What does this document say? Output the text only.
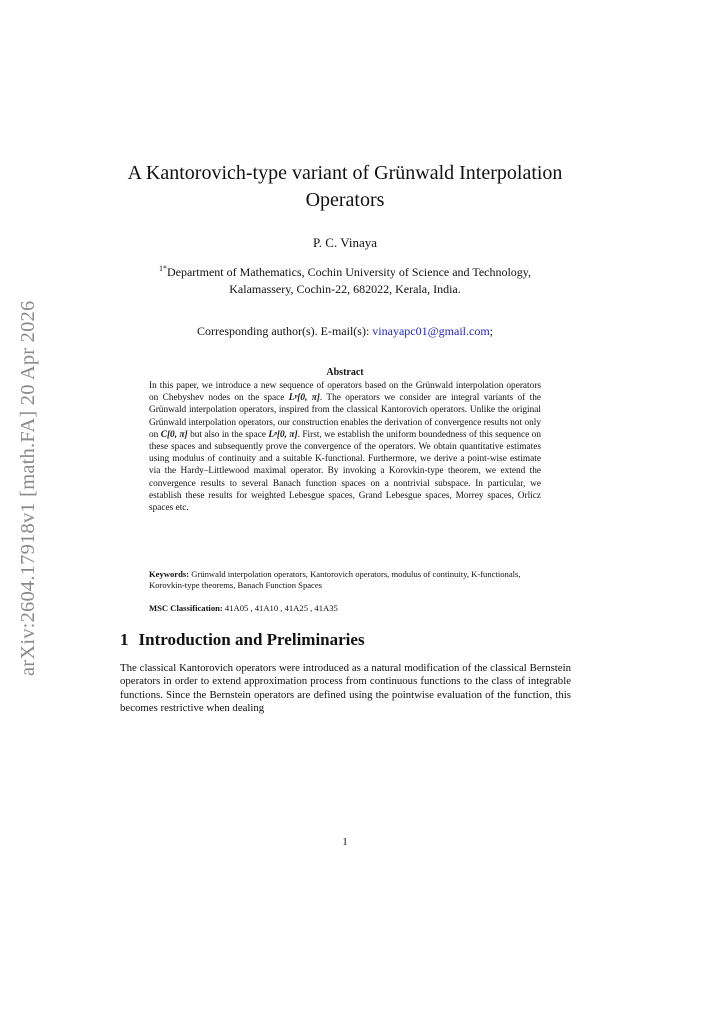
arXiv:2604.17918v1 [math.FA] 20 Apr 2026
A Kantorovich-type variant of Grünwald Interpolation Operators
P. C. Vinaya
$^{1*}$Department of Mathematics, Cochin University of Science and Technology, Kalamassery, Cochin-22, 682022, Kerala, India.
Corresponding author(s). E-mail(s): vinayapc01@gmail.com;
Abstract
In this paper, we introduce a new sequence of operators based on the Grünwald interpolation operators on Chebyshev nodes on the space Lᵖ[0, π]. The operators we consider are integral variants of the Grünwald interpolation operators, inspired from the classical Kantorovich operators. Unlike the original Grünwald interpolation operators, our construction enables the derivation of convergence results not only on C[0, π] but also in the space Lᵖ[0, π]. First, we establish the uniform boundedness of this sequence on these spaces and subsequently prove the convergence of the operators. We obtain quantitative estimates using modulus of continuity and a suitable K-functional. Furthermore, we derive a point-wise estimate via the Hardy–Littlewood maximal operator. By invoking a Korovkin-type theorem, we extend the convergence results to several Banach function spaces on a nontrivial subspace. In particular, we establish these results for weighted Lebesgue spaces, Grand Lebesgue spaces, Morrey spaces, Orlicz spaces etc.
Keywords: Grünwald interpolation operators, Kantorovich operators, modulus of continuity, K-functionals, Korovkin-type theorems, Banach Function Spaces
MSC Classification: 41A05 , 41A10 , 41A25 , 41A35
1 Introduction and Preliminaries
The classical Kantorovich operators were introduced as a natural modification of the classical Bernstein operators in order to extend approximation process from continuous functions to the class of integrable functions. Since the Bernstein operators are defined using the pointwise evaluation of the function, this becomes restrictive when dealing
1
